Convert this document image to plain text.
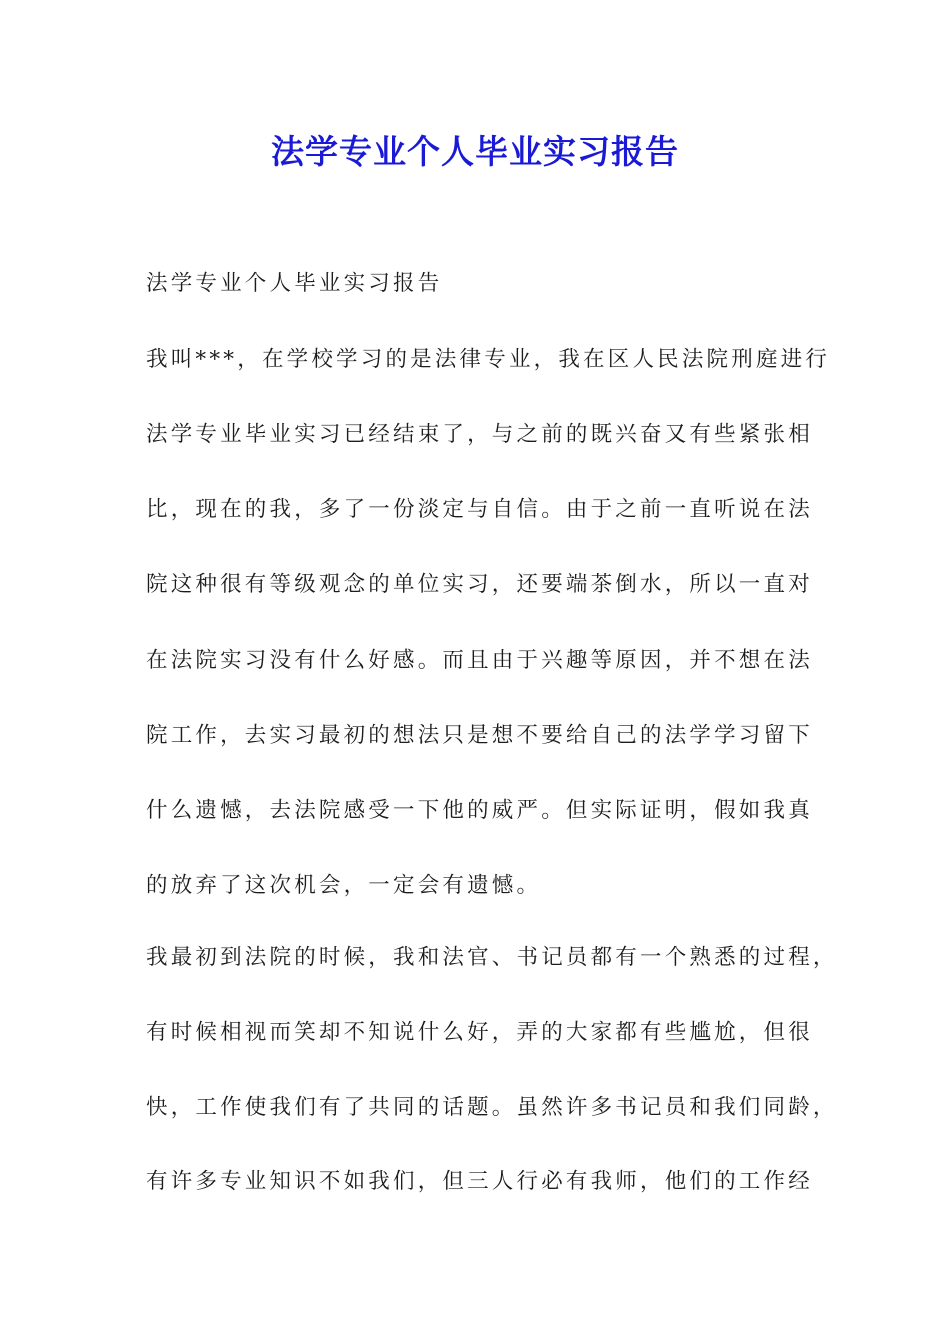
法学专业个人毕业实习报告

法学专业个人毕业实习报告

我叫***，在学校学习的是法律专业，我在区人民法院刑庭进行

法学专业毕业实习已经结束了，与之前的既兴奋又有些紧张相

比，现在的我，多了一份淡定与自信。由于之前一直听说在法

院这种很有等级观念的单位实习，还要端茶倒水，所以一直对

在法院实习没有什么好感。而且由于兴趣等原因，并不想在法

院工作，去实习最初的想法只是想不要给自己的法学学习留下

什么遗憾，去法院感受一下他的威严。但实际证明，假如我真

的放弃了这次机会，一定会有遗憾。

我最初到法院的时候，我和法官、书记员都有一个熟悉的过程，

有时候相视而笑却不知说什么好，弄的大家都有些尴尬，但很

快，工作使我们有了共同的话题。虽然许多书记员和我们同龄，

有许多专业知识不如我们，但三人行必有我师，他们的工作经
